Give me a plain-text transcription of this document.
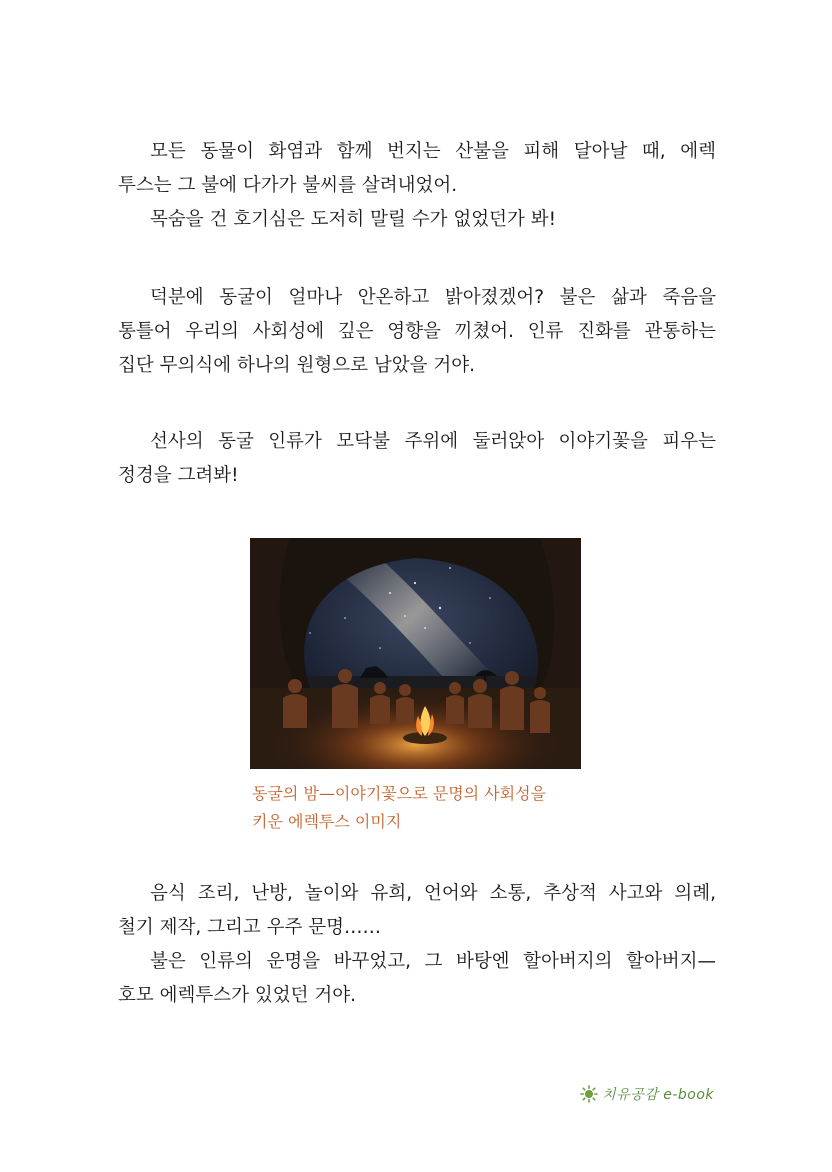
모든 동물이 화염과 함께 번지는 산불을 피해 달아날 때, 에렉
투스는 그 불에 다가가 불씨를 살려내었어.
목숨을 건 호기심은 도저히 말릴 수가 없었던가 봐!
덕분에 동굴이 얼마나 안온하고 밝아졌겠어? 불은 삶과 죽음을
통틀어 우리의 사회성에 깊은 영향을 끼쳤어. 인류 진화를 관통하는
집단 무의식에 하나의 원형으로 남았을 거야.
선사의 동굴 인류가 모닥불 주위에 둘러앉아 이야기꽃을 피우는
정경을 그려봐!
동굴의 밤—이야기꽃으로 문명의 사회성을
키운 에렉투스 이미지
음식 조리, 난방, 놀이와 유희, 언어와 소통, 추상적 사고와 의례,
철기 제작, 그리고 우주 문명……
불은 인류의 운명을 바꾸었고, 그 바탕엔 할아버지의 할아버지—
호모 에렉투스가 있었던 거야.
치유공감 e-book
